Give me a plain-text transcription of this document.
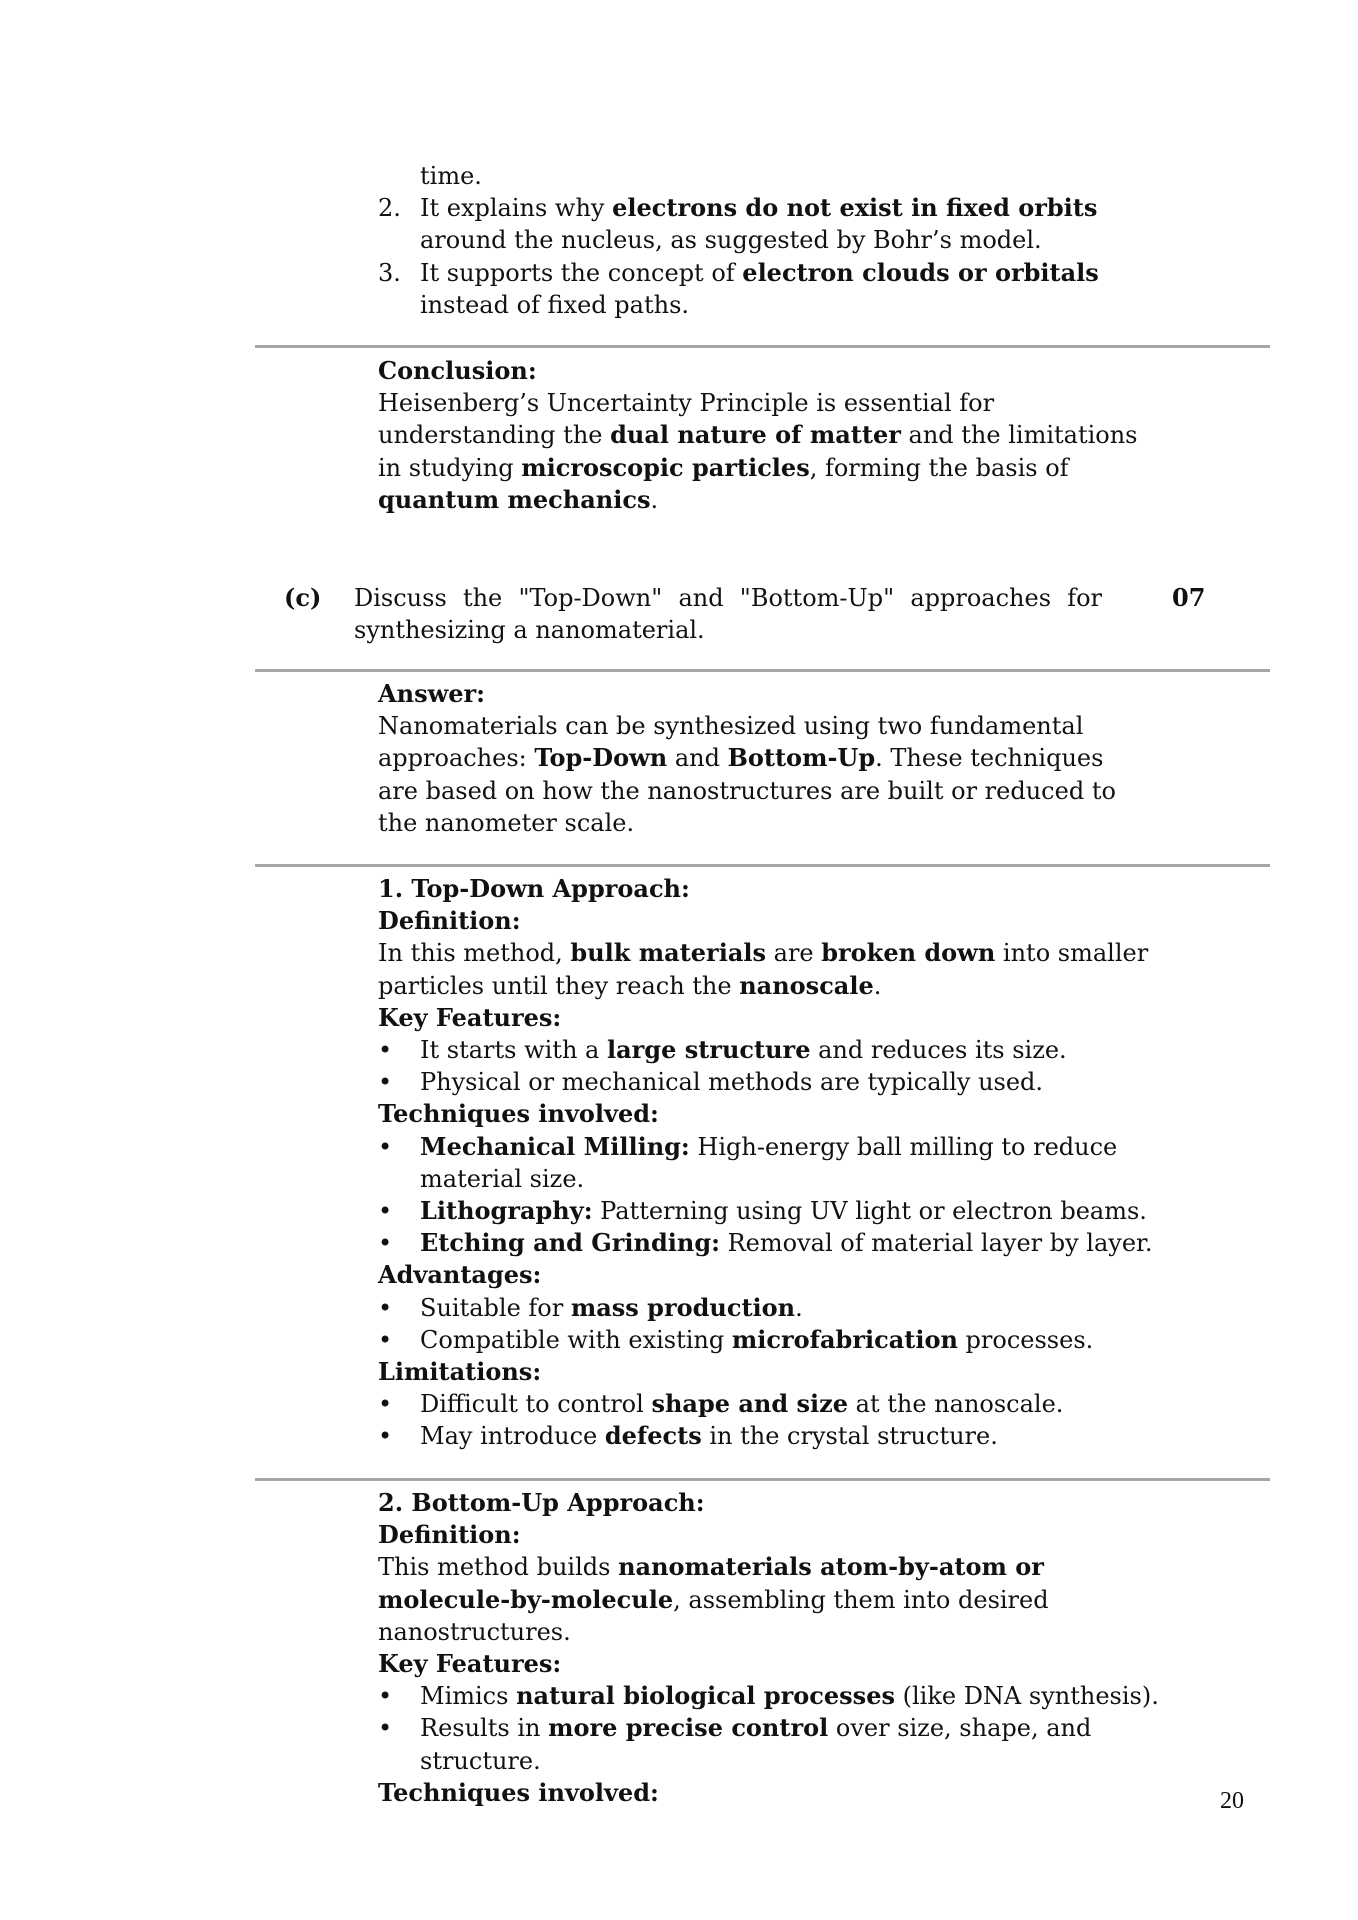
time.
2. It explains why electrons do not exist in fixed orbits around the nucleus, as suggested by Bohr’s model.
3. It supports the concept of electron clouds or orbitals instead of fixed paths.
Conclusion:
Heisenberg’s Uncertainty Principle is essential for understanding the dual nature of matter and the limitations in studying microscopic particles, forming the basis of quantum mechanics.
(c) Discuss the "Top-Down" and "Bottom-Up" approaches for synthesizing a nanomaterial.
07
Answer:
Nanomaterials can be synthesized using two fundamental approaches: Top-Down and Bottom-Up. These techniques are based on how the nanostructures are built or reduced to the nanometer scale.
1. Top-Down Approach:
Definition:
In this method, bulk materials are broken down into smaller particles until they reach the nanoscale.
Key Features:
• It starts with a large structure and reduces its size.
• Physical or mechanical methods are typically used.
Techniques involved:
• Mechanical Milling: High-energy ball milling to reduce material size.
• Lithography: Patterning using UV light or electron beams.
• Etching and Grinding: Removal of material layer by layer.
Advantages:
• Suitable for mass production.
• Compatible with existing microfabrication processes.
Limitations:
• Difficult to control shape and size at the nanoscale.
• May introduce defects in the crystal structure.
2. Bottom-Up Approach:
Definition:
This method builds nanomaterials atom-by-atom or molecule-by-molecule, assembling them into desired nanostructures.
Key Features:
• Mimics natural biological processes (like DNA synthesis).
• Results in more precise control over size, shape, and structure.
Techniques involved:	20
